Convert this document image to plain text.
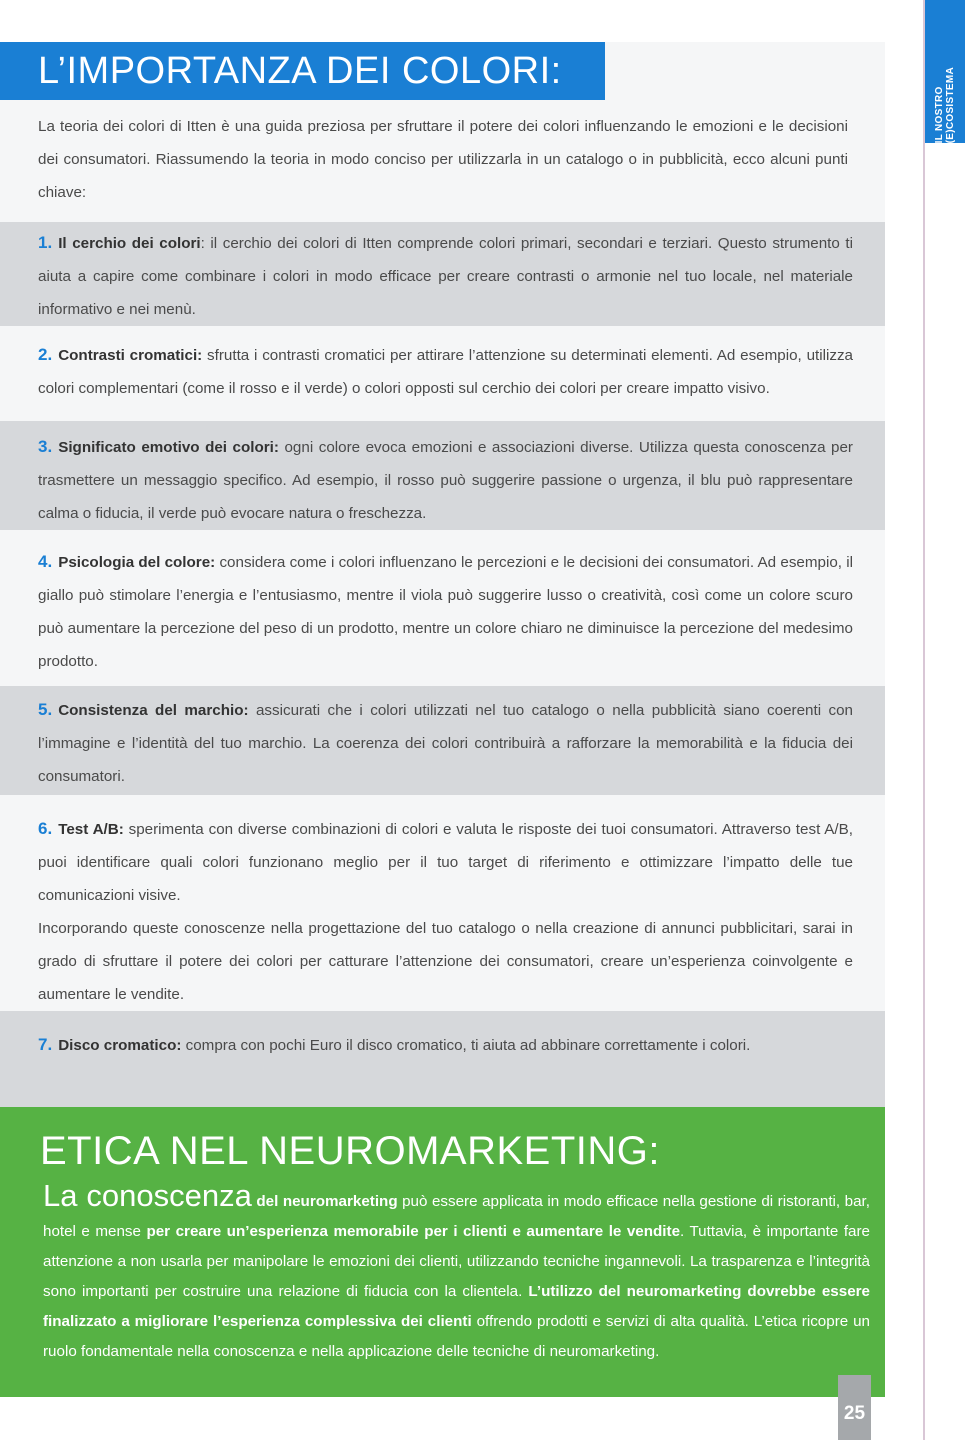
IL NOSTRO
(E)COSISTEMA
L’IMPORTANZA DEI COLORI:
La teoria dei colori di Itten è una guida preziosa per sfruttare il potere dei colori influenzando le emozioni e le decisioni dei consumatori. Riassumendo la teoria in modo conciso per utilizzarla in un catalogo o in pubblicità, ecco alcuni punti chiave:
1. Il cerchio dei colori: il cerchio dei colori di Itten comprende colori primari, secondari e terziari. Questo strumento ti aiuta a capire come combinare i colori in modo efficace per creare contrasti o armonie nel tuo locale, nel materiale informativo e nei menù.
2. Contrasti cromatici: sfrutta i contrasti cromatici per attirare l’attenzione su determinati elementi. Ad esempio, utilizza colori complementari (come il rosso e il verde) o colori opposti sul cerchio dei colori per creare impatto visivo.
3. Significato emotivo dei colori: ogni colore evoca emozioni e associazioni diverse. Utilizza questa conoscenza per trasmettere un messaggio specifico. Ad esempio, il rosso può suggerire passione o urgenza, il blu può rappresentare calma o fiducia, il verde può evocare natura o freschezza.
4. Psicologia del colore: considera come i colori influenzano le percezioni e le decisioni dei consumatori. Ad esempio, il giallo può stimolare l’energia e l’entusiasmo, mentre il viola può suggerire lusso o creatività, così come un colore scuro può aumentare la percezione del peso di un prodotto, mentre un colore chiaro ne diminuisce la percezione del medesimo prodotto.
5. Consistenza del marchio: assicurati che i colori utilizzati nel tuo catalogo o nella pubblicità siano coerenti con l’immagine e l’identità del tuo marchio. La coerenza dei colori contribuirà a rafforzare la memorabilità e la fiducia dei consumatori.
6. Test A/B: sperimenta con diverse combinazioni di colori e valuta le risposte dei tuoi consumatori. Attraverso test A/B, puoi identificare quali colori funzionano meglio per il tuo target di riferimento e ottimizzare l’impatto delle tue comunicazioni visive.
Incorporando queste conoscenze nella progettazione del tuo catalogo o nella creazione di annunci pubblicitari, sarai in grado di sfruttare il potere dei colori per catturare l’attenzione dei consumatori, creare un’esperienza coinvolgente e aumentare le vendite.
7. Disco cromatico: compra con pochi Euro il disco cromatico, ti aiuta ad abbinare correttamente i colori.
ETICA NEL NEUROMARKETING:
La conoscenza del neuromarketing può essere applicata in modo efficace nella gestione di ristoranti, bar, hotel e mense per creare un’esperienza memorabile per i clienti e aumentare le vendite. Tuttavia, è importante fare attenzione a non usarla per manipolare le emozioni dei clienti, utilizzando tecniche ingannevoli. La trasparenza e l’integrità sono importanti per costruire una relazione di fiducia con la clientela. L’utilizzo del neuromarketing dovrebbe essere finalizzato a migliorare l’esperienza complessiva dei clienti offrendo prodotti e servizi di alta qualità. L’etica ricopre un ruolo fondamentale nella conoscenza e nella applicazione delle tecniche di neuromarketing.
25
